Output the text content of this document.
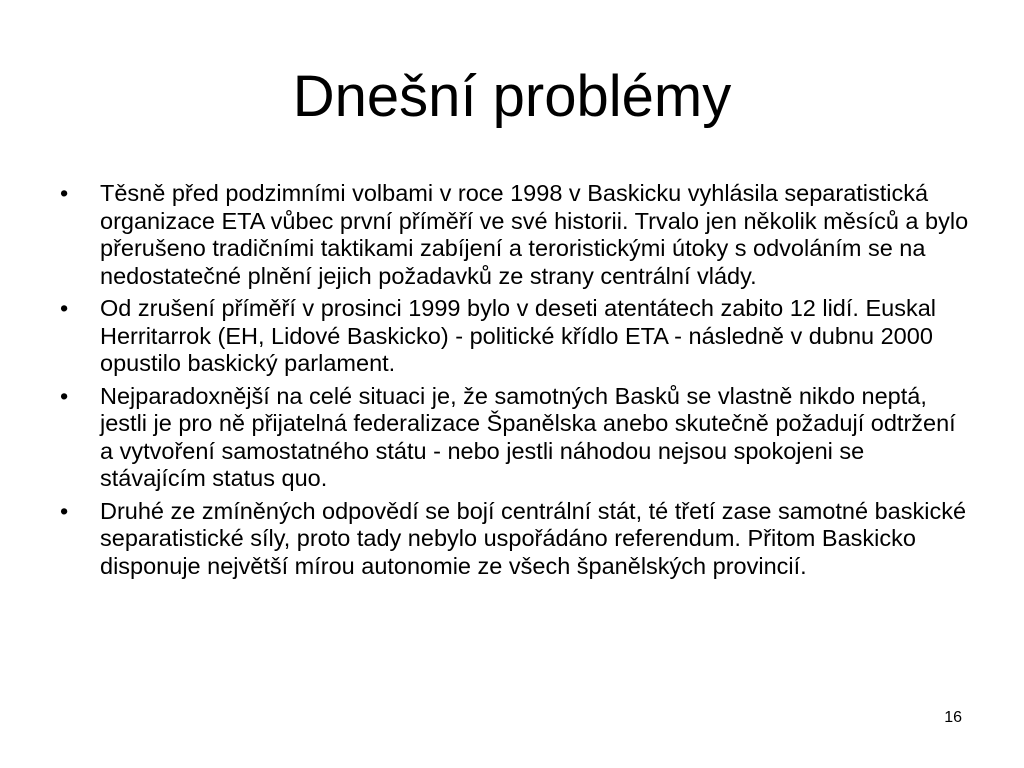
Dnešní problémy
•	Těsně před podzimními volbami v roce 1998 v Baskicku vyhlásila separatistická organizace ETA vůbec první příměří ve své historii. Trvalo jen několik měsíců a bylo přerušeno tradičními taktikami zabíjení a teroristickými útoky s odvoláním se na nedostatečné plnění jejich požadavků ze strany centrální vlády.
•	Od zrušení příměří v prosinci 1999 bylo v deseti atentátech zabito 12 lidí. Euskal Herritarrok (EH, Lidové Baskicko) - politické křídlo ETA - následně v dubnu 2000 opustilo baskický parlament.
•	Nejparadoxnější na celé situaci je, že samotných Basků se vlastně nikdo neptá, jestli je pro ně přijatelná federalizace Španělska anebo skutečně požadují odtržení a vytvoření samostatného státu - nebo jestli náhodou nejsou spokojeni se stávajícím status quo.
•	Druhé ze zmíněných odpovědí se bojí centrální stát, té třetí zase samotné baskické separatistické síly, proto tady nebylo uspořádáno referendum. Přitom Baskicko disponuje největší mírou autonomie ze všech španělských provincií.
16
